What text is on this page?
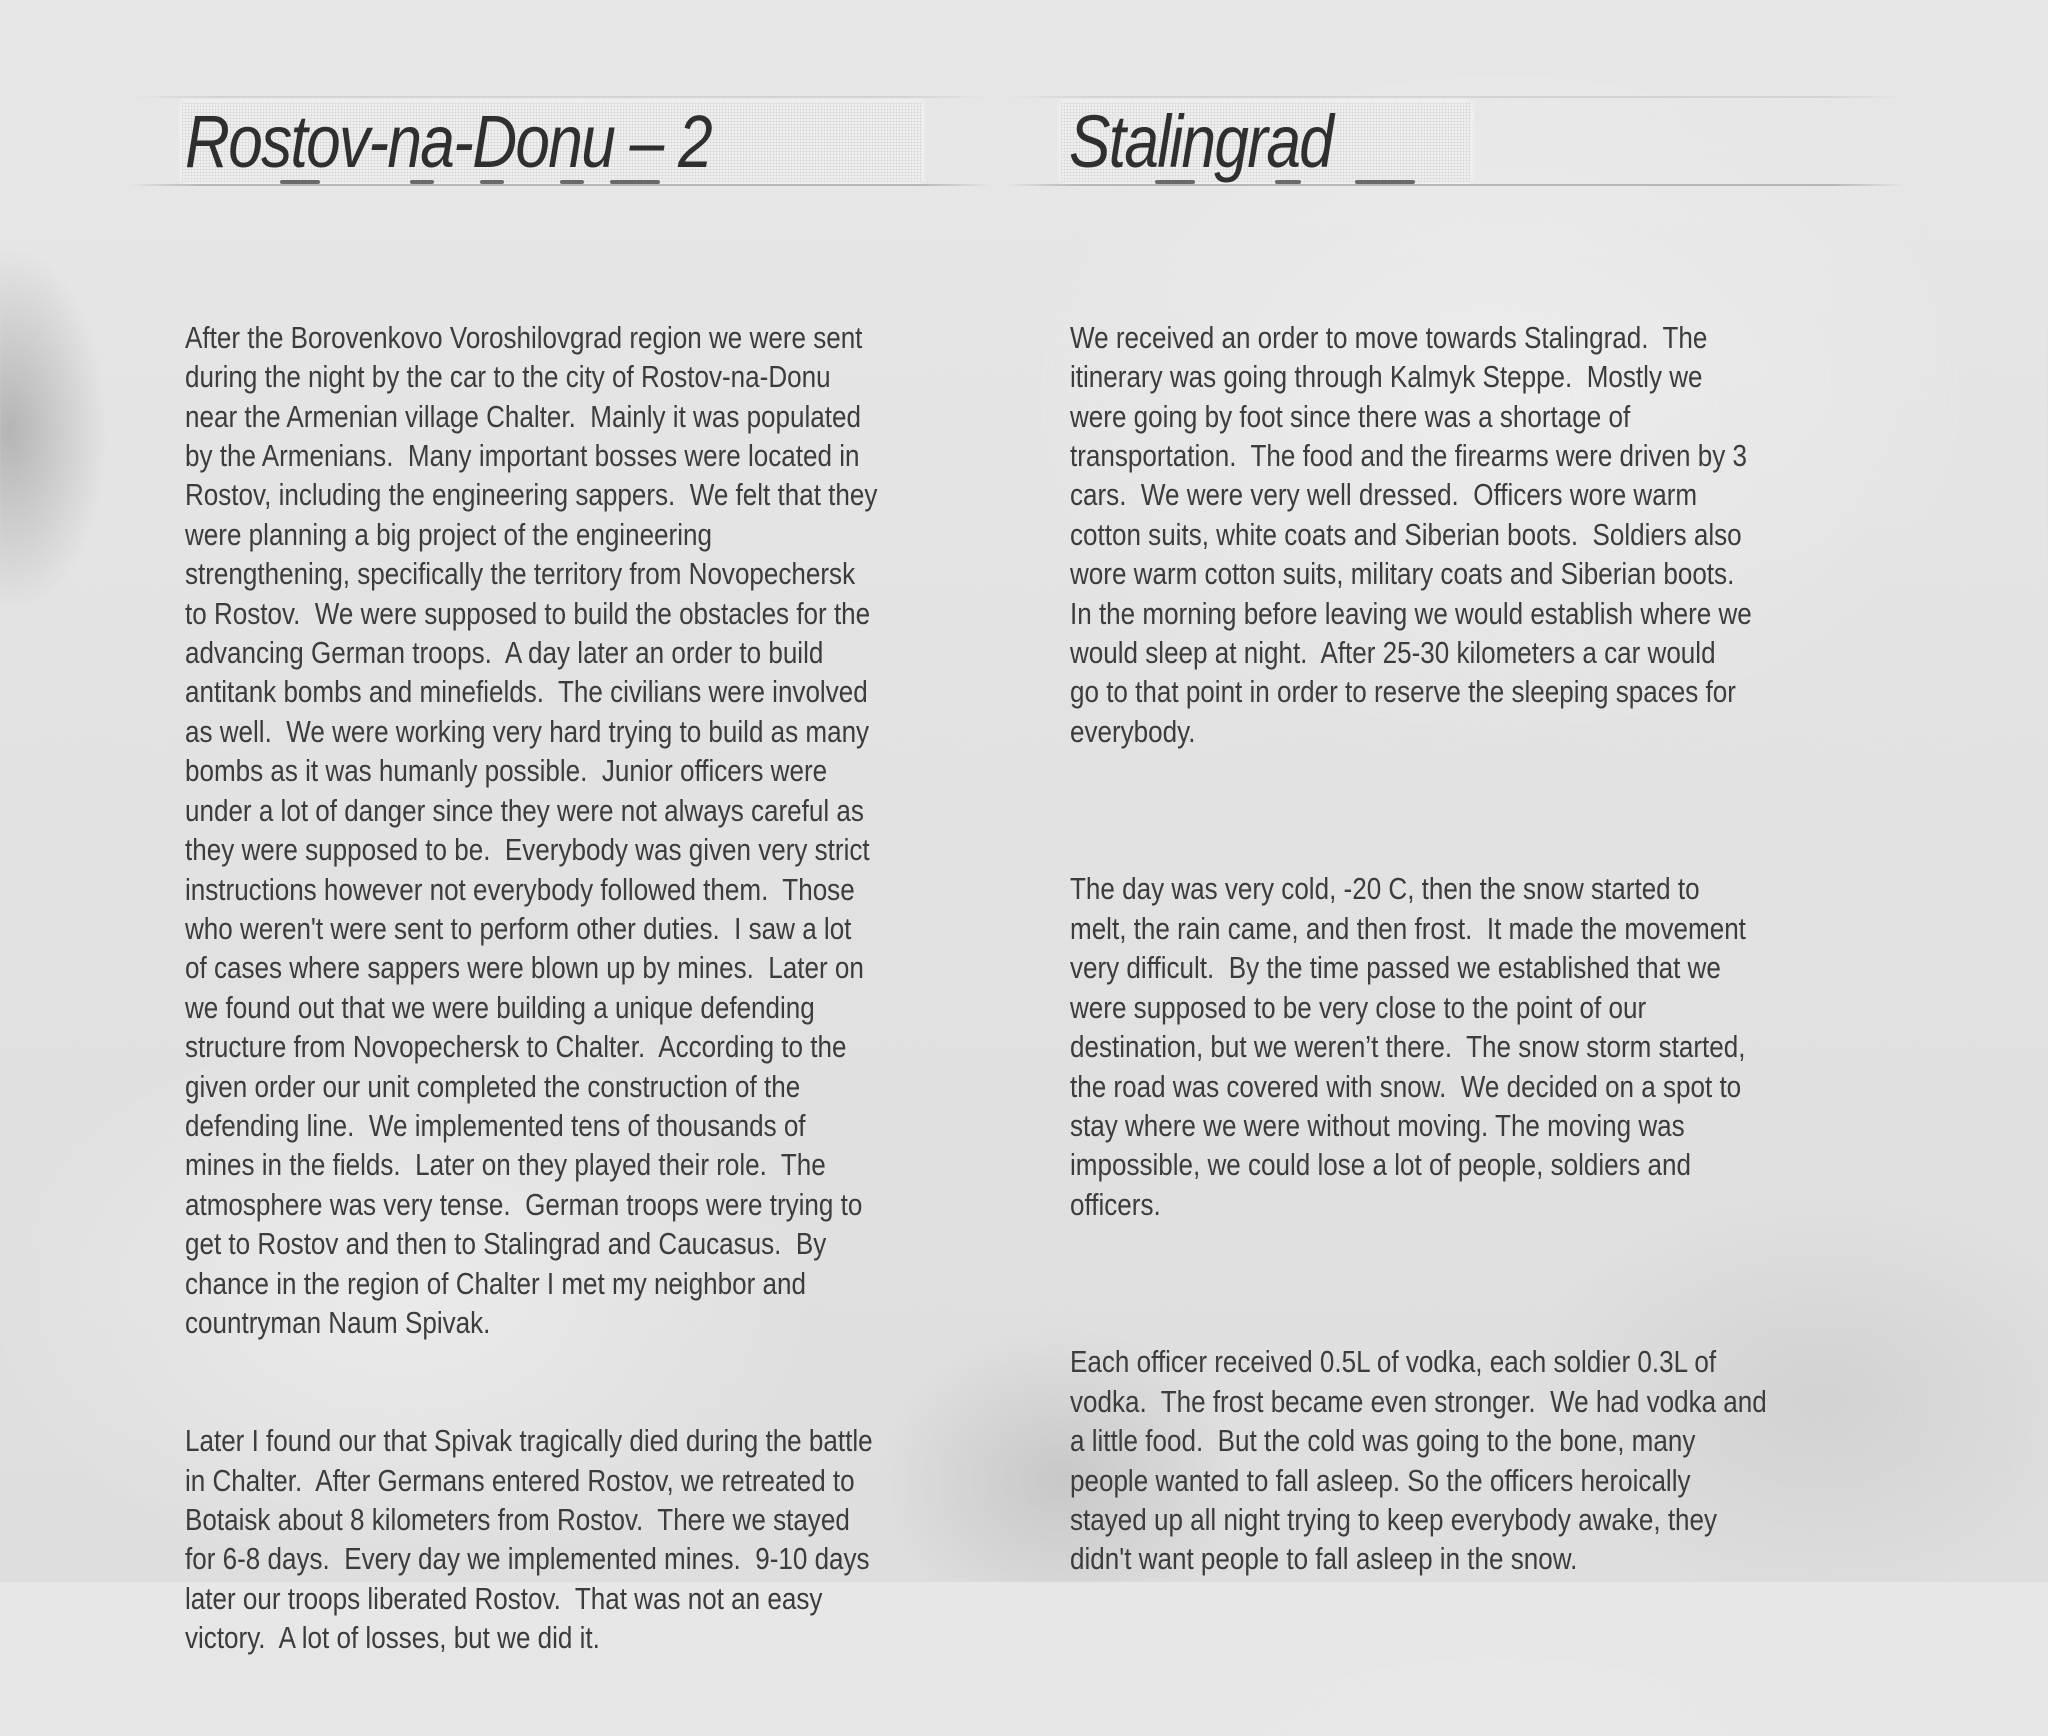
Rostov-na-Donu – 2

After the Borovenkovo Voroshilovgrad region we were sent
during the night by the car to the city of Rostov-na-Donu
near the Armenian village Chalter.  Mainly it was populated
by the Armenians.  Many important bosses were located in
Rostov, including the engineering sappers.  We felt that they
were planning a big project of the engineering
strengthening, specifically the territory from Novopechersk
to Rostov.  We were supposed to build the obstacles for the
advancing German troops.  A day later an order to build
antitank bombs and minefields.  The civilians were involved
as well.  We were working very hard trying to build as many
bombs as it was humanly possible.  Junior officers were
under a lot of danger since they were not always careful as
they were supposed to be.  Everybody was given very strict
instructions however not everybody followed them.  Those
who weren't were sent to perform other duties.  I saw a lot
of cases where sappers were blown up by mines.  Later on
we found out that we were building a unique defending
structure from Novopechersk to Chalter.  According to the
given order our unit completed the construction of the
defending line.  We implemented tens of thousands of
mines in the fields.  Later on they played their role.  The
atmosphere was very tense.  German troops were trying to
get to Rostov and then to Stalingrad and Caucasus.  By
chance in the region of Chalter I met my neighbor and
countryman Naum Spivak.

Later I found our that Spivak tragically died during the battle
in Chalter.  After Germans entered Rostov, we retreated to
Botaisk about 8 kilometers from Rostov.  There we stayed
for 6-8 days.  Every day we implemented mines.  9-10 days
later our troops liberated Rostov.  That was not an easy
victory.  A lot of losses, but we did it.

Stalingrad

We received an order to move towards Stalingrad.  The
itinerary was going through Kalmyk Steppe.  Mostly we
were going by foot since there was a shortage of
transportation.  The food and the firearms were driven by 3
cars.  We were very well dressed.  Officers wore warm
cotton suits, white coats and Siberian boots.  Soldiers also
wore warm cotton suits, military coats and Siberian boots.
In the morning before leaving we would establish where we
would sleep at night.  After 25-30 kilometers a car would
go to that point in order to reserve the sleeping spaces for
everybody.

The day was very cold, -20 C, then the snow started to
melt, the rain came, and then frost.  It made the movement
very difficult.  By the time passed we established that we
were supposed to be very close to the point of our
destination, but we weren’t there.  The snow storm started,
the road was covered with snow.  We decided on a spot to
stay where we were without moving. The moving was
impossible, we could lose a lot of people, soldiers and
officers.

Each officer received 0.5L of vodka, each soldier 0.3L of
vodka.  The frost became even stronger.  We had vodka and
a little food.  But the cold was going to the bone, many
people wanted to fall asleep. So the officers heroically
stayed up all night trying to keep everybody awake, they
didn't want people to fall asleep in the snow.
